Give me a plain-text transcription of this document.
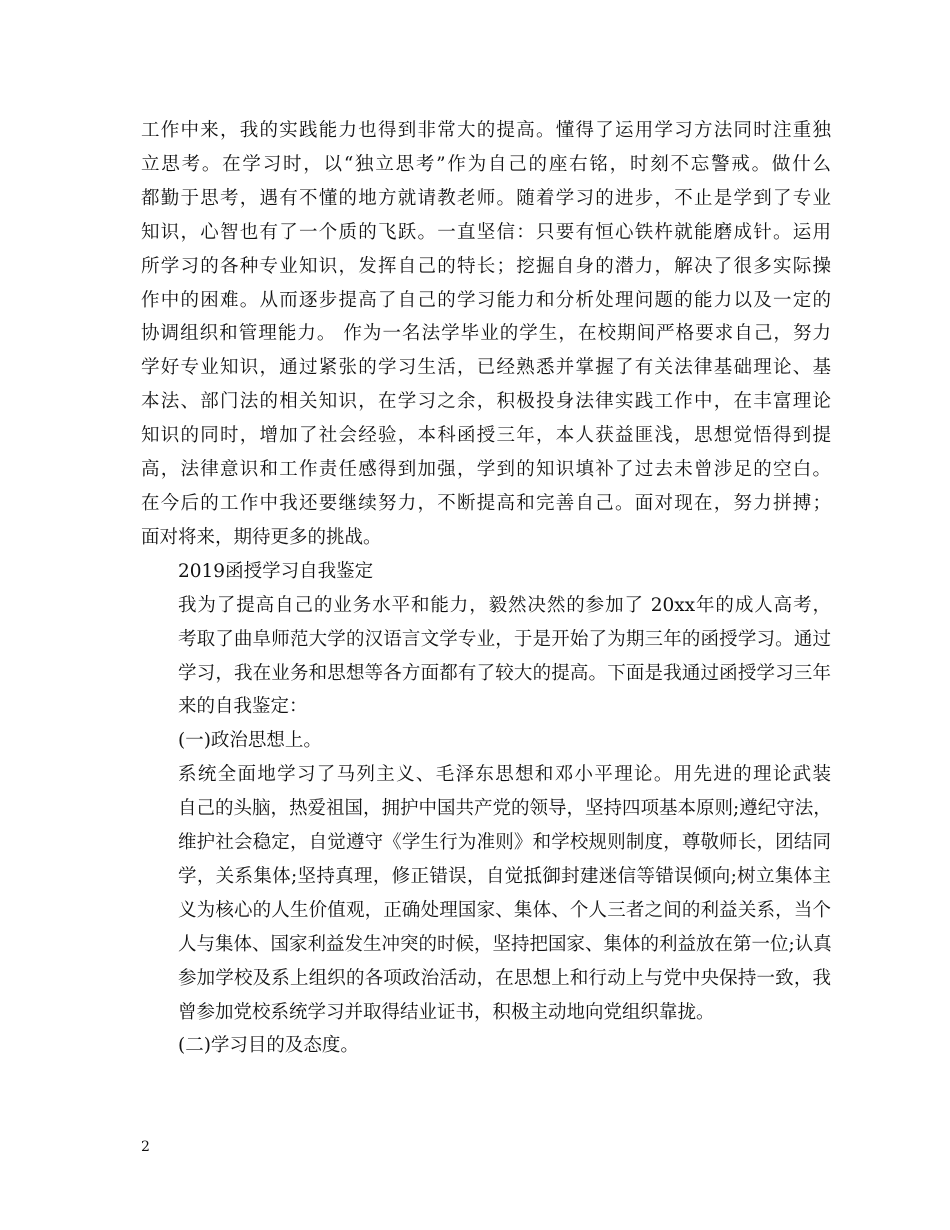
工作中来，我的实践能力也得到非常大的提高。懂得了运用学习方法同时注重独
立思考。在学习时，以“独立思考”作为自己的座右铭，时刻不忘警戒。做什么
都勤于思考，遇有不懂的地方就请教老师。随着学习的进步，不止是学到了专业
知识，心智也有了一个质的飞跃。一直坚信：只要有恒心铁杵就能磨成针。运用
所学习的各种专业知识，发挥自己的特长；挖掘自身的潜力，解决了很多实际操
作中的困难。从而逐步提高了自己的学习能力和分析处理问题的能力以及一定的
协调组织和管理能力。 作为一名法学毕业的学生，在校期间严格要求自己，努力
学好专业知识，通过紧张的学习生活，已经熟悉并掌握了有关法律基础理论、基
本法、部门法的相关知识，在学习之余，积极投身法律实践工作中，在丰富理论
知识的同时，增加了社会经验，本科函授三年，本人获益匪浅，思想觉悟得到提
高，法律意识和工作责任感得到加强，学到的知识填补了过去未曾涉足的空白。
在今后的工作中我还要继续努力，不断提高和完善自己。面对现在，努力拼搏；
面对将来，期待更多的挑战。
2019函授学习自我鉴定
我为了提高自己的业务水平和能力，毅然决然的参加了 20xx年的成人高考，
考取了曲阜师范大学的汉语言文学专业，于是开始了为期三年的函授学习。通过
学习，我在业务和思想等各方面都有了较大的提高。下面是我通过函授学习三年
来的自我鉴定：
(一)政治思想上。
系统全面地学习了马列主义、毛泽东思想和邓小平理论。用先进的理论武装
自己的头脑，热爱祖国，拥护中国共产党的领导，坚持四项基本原则;遵纪守法，
维护社会稳定，自觉遵守《学生行为准则》和学校规则制度，尊敬师长，团结同
学，关系集体;坚持真理，修正错误，自觉抵御封建迷信等错误倾向;树立集体主
义为核心的人生价值观，正确处理国家、集体、个人三者之间的利益关系，当个
人与集体、国家利益发生冲突的时候，坚持把国家、集体的利益放在第一位;认真
参加学校及系上组织的各项政治活动，在思想上和行动上与党中央保持一致，我
曾参加党校系统学习并取得结业证书，积极主动地向党组织靠拢。
(二)学习目的及态度。
2
